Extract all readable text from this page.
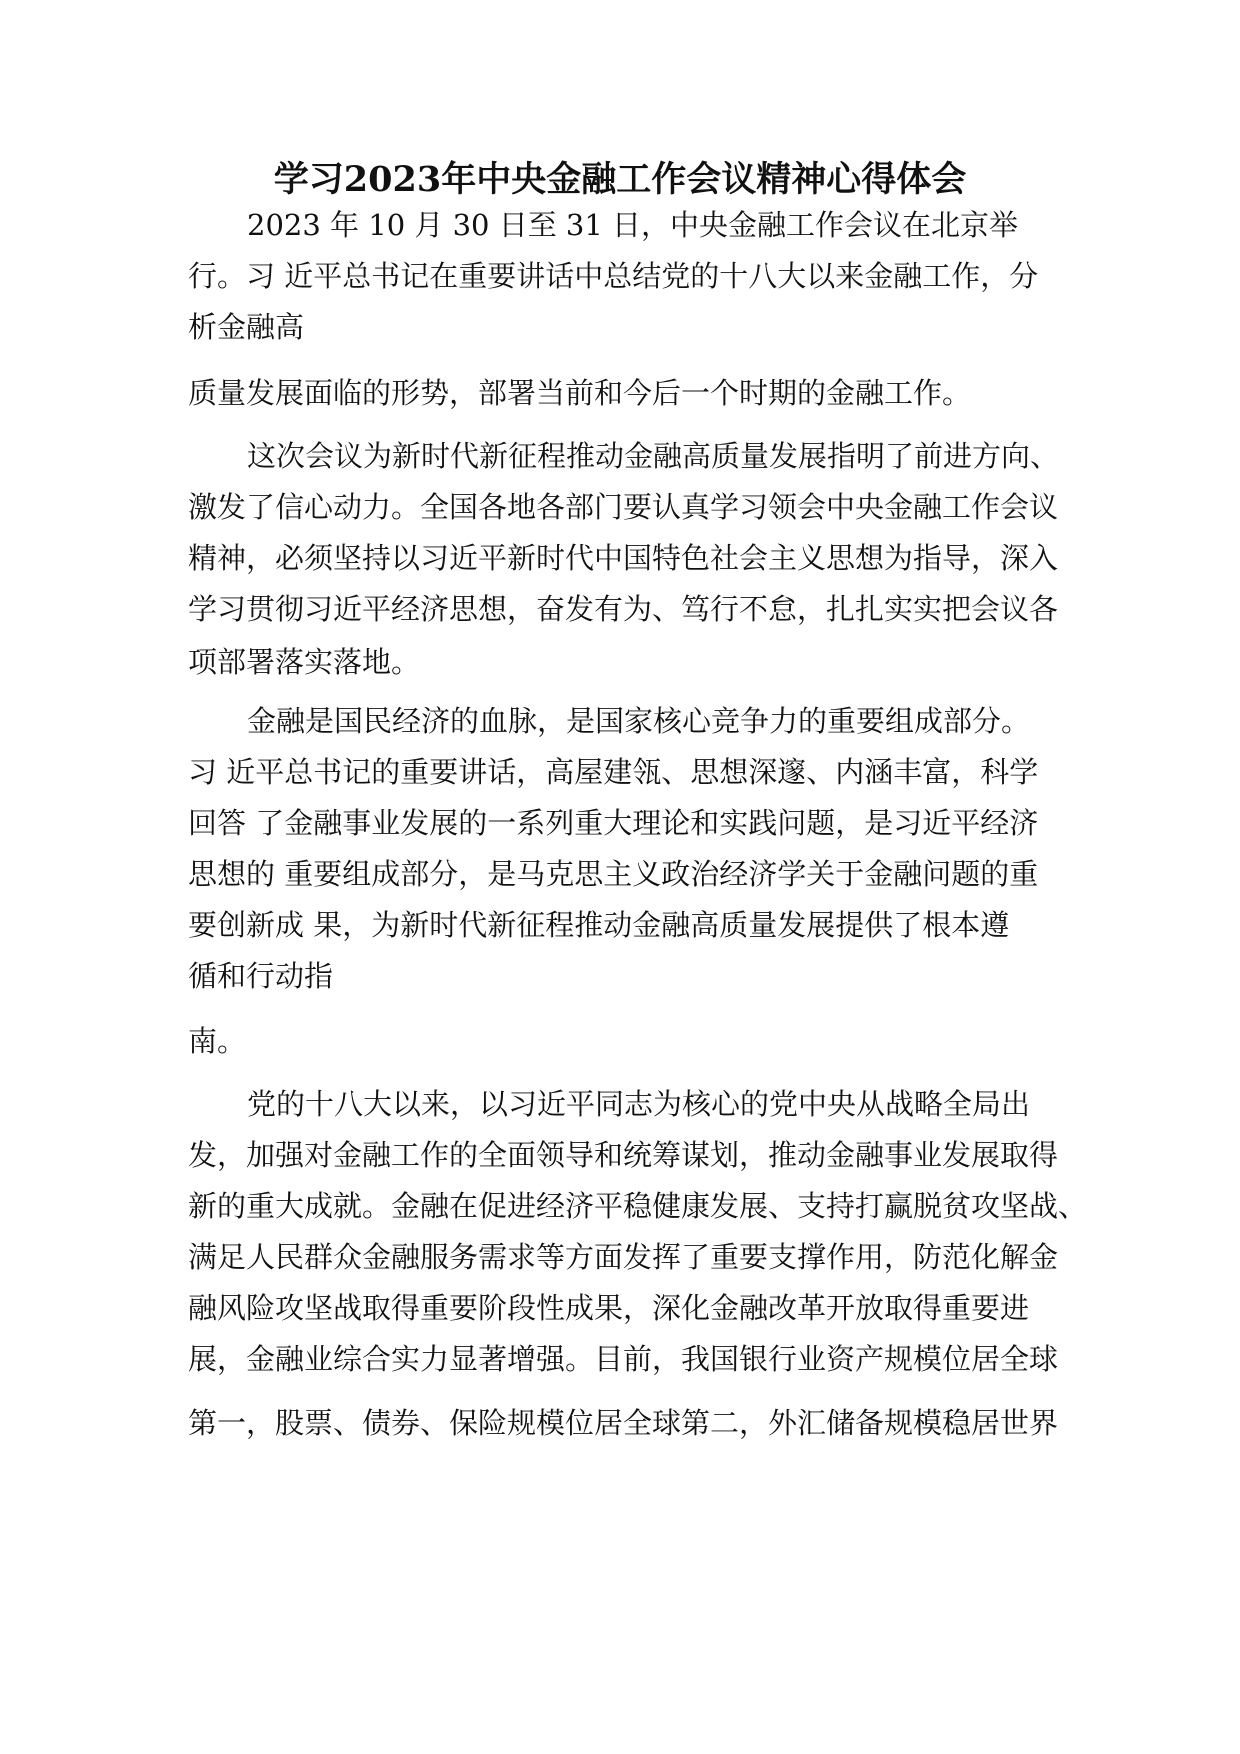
学习2023年中央金融工作会议精神心得体会

2023 年 10 月 30 日至 31 日，中央金融工作会议在北京举

行。习 近平总书记在重要讲话中总结党的十八大以来金融工作，分

析金融高

质量发展面临的形势，部署当前和今后一个时期的金融工作。

这次会议为新时代新征程推动金融高质量发展指明了前进方向、

激发了信心动力。全国各地各部门要认真学习领会中央金融工作会议

精神，必须坚持以习近平新时代中国特色社会主义思想为指导，深入

学习贯彻习近平经济思想，奋发有为、笃行不怠，扎扎实实把会议各

项部署落实落地。

金融是国民经济的血脉，是国家核心竞争力的重要组成部分。

习 近平总书记的重要讲话，高屋建瓴、思想深邃、内涵丰富，科学

回答 了金融事业发展的一系列重大理论和实践问题，是习近平经济

思想的 重要组成部分，是马克思主义政治经济学关于金融问题的重

要创新成 果，为新时代新征程推动金融高质量发展提供了根本遵

循和行动指

南。

党的十八大以来，以习近平同志为核心的党中央从战略全局出

发，加强对金融工作的全面领导和统筹谋划，推动金融事业发展取得

新的重大成就。金融在促进经济平稳健康发展、支持打赢脱贫攻坚战、

满足人民群众金融服务需求等方面发挥了重要支撑作用，防范化解金

融风险攻坚战取得重要阶段性成果，深化金融改革开放取得重要进

展，金融业综合实力显著增强。目前，我国银行业资产规模位居全球

第一，股票、债券、保险规模位居全球第二，外汇储备规模稳居世界
